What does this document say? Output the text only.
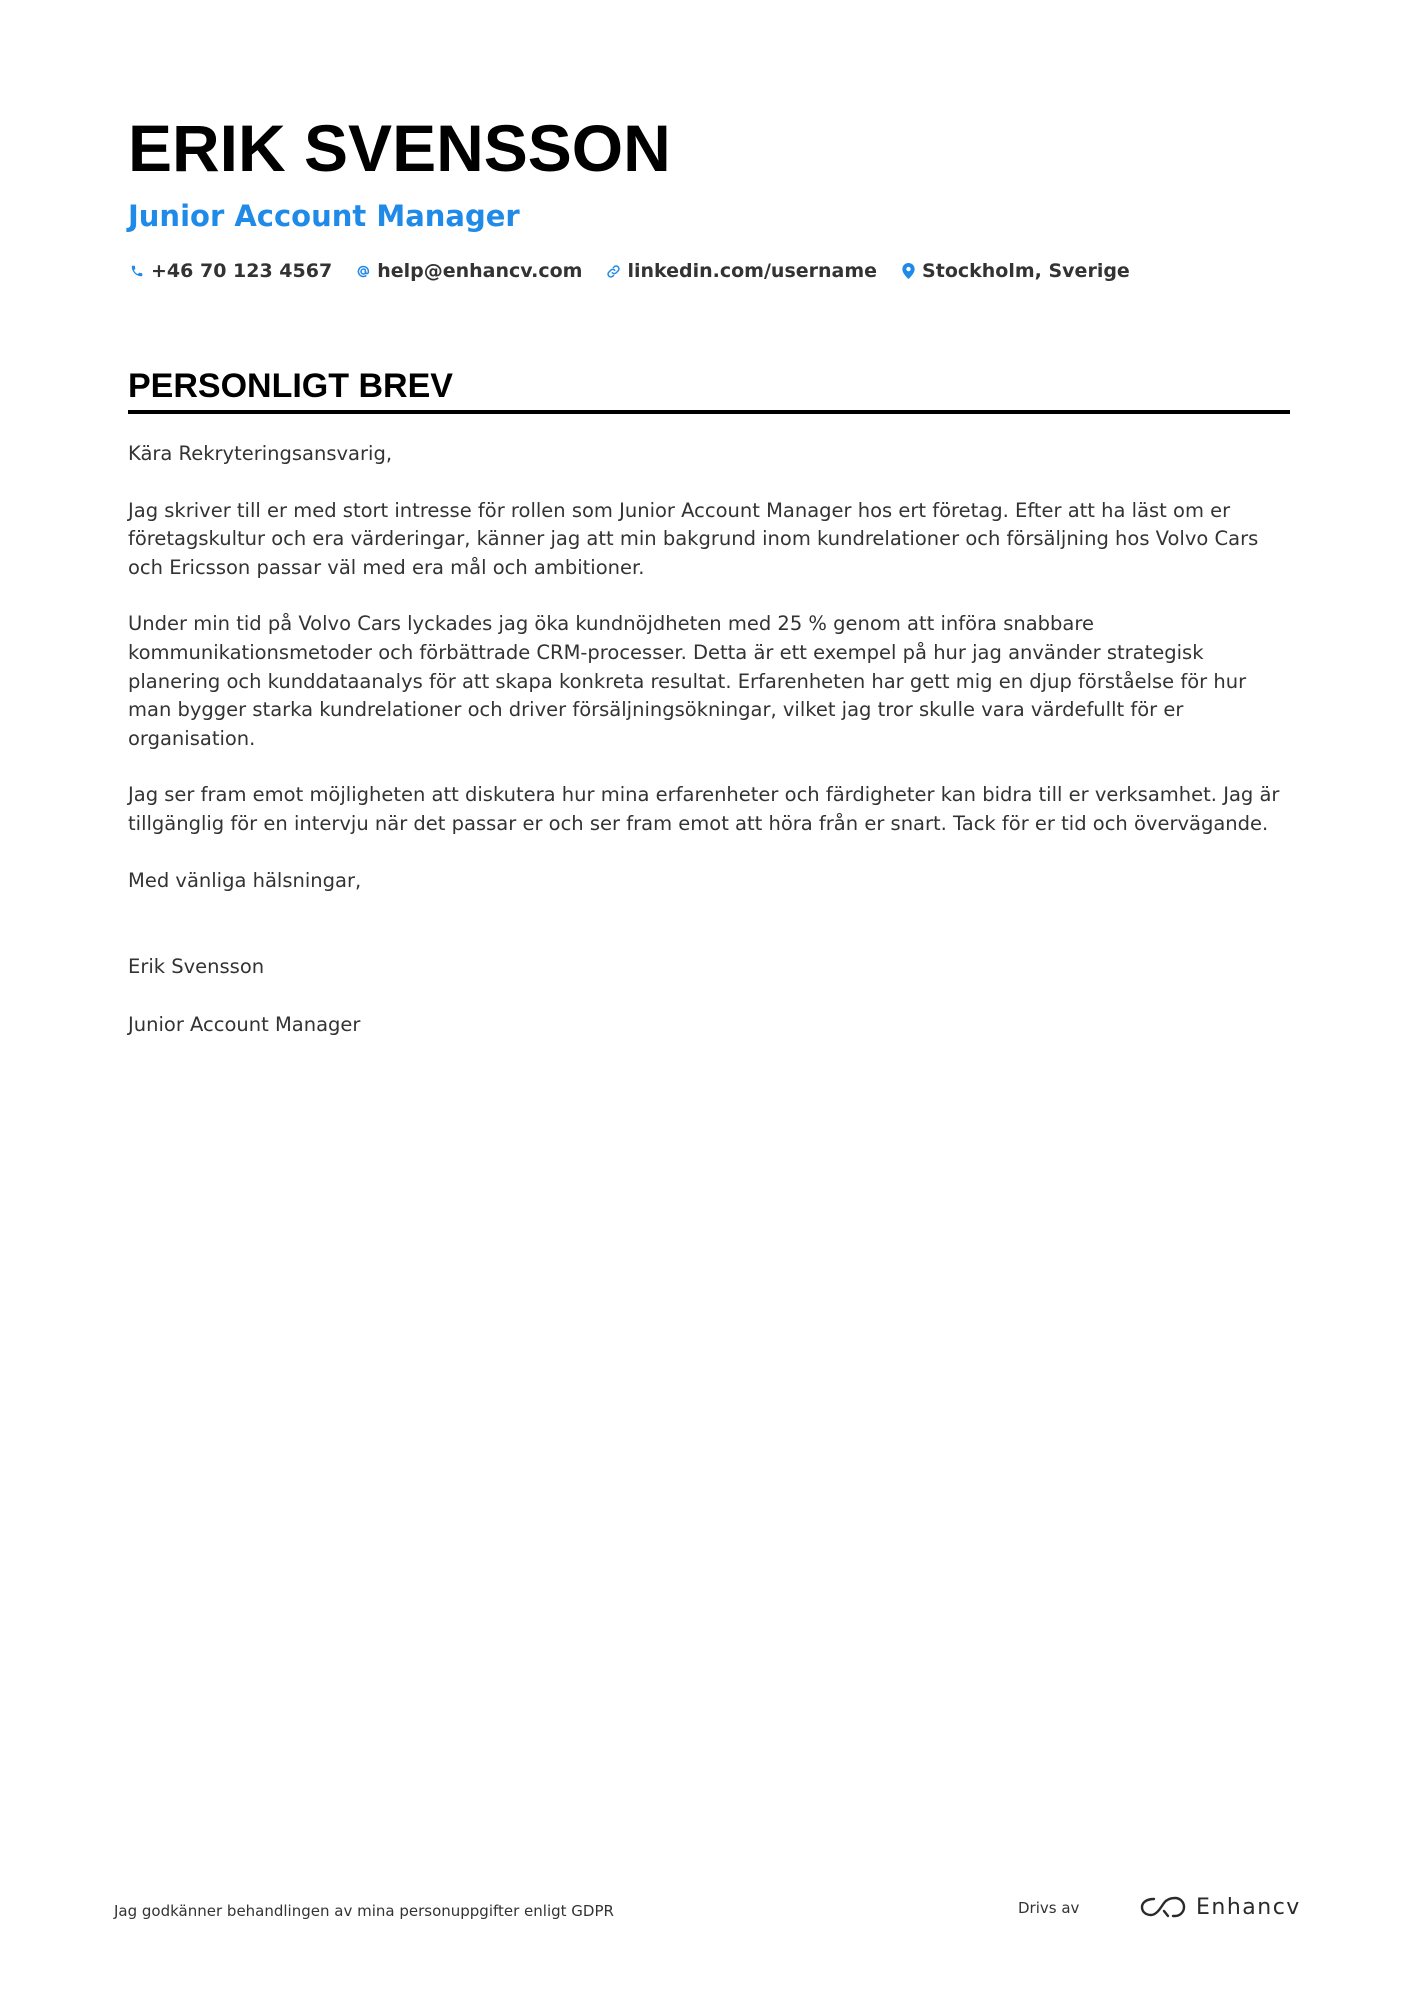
ERIK SVENSSON
Junior Account Manager
+46 70 123 4567 help@enhancv.com linkedin.com/username Stockholm, Sverige
PERSONLIGT BREV

Kära Rekryteringsansvarig,

Jag skriver till er med stort intresse för rollen som Junior Account Manager hos ert företag. Efter att ha läst om er företagskultur och era värderingar, känner jag att min bakgrund inom kundrelationer och försäljning hos Volvo Cars och Ericsson passar väl med era mål och ambitioner.

Under min tid på Volvo Cars lyckades jag öka kundnöjdheten med 25 % genom att införa snabbare kommunikationsmetoder och förbättrade CRM-processer. Detta är ett exempel på hur jag använder strategisk planering och kunddataanalys för att skapa konkreta resultat. Erfarenheten har gett mig en djup förståelse för hur man bygger starka kundrelationer och driver försäljningsökningar, vilket jag tror skulle vara värdefullt för er organisation.

Jag ser fram emot möjligheten att diskutera hur mina erfarenheter och färdigheter kan bidra till er verksamhet. Jag är tillgänglig för en intervju när det passar er och ser fram emot att höra från er snart. Tack för er tid och övervägande.

Med vänliga hälsningar,

Erik Svensson

Junior Account Manager

Jag godkänner behandlingen av mina personuppgifter enligt GDPR	Drivs av	Enhancv
